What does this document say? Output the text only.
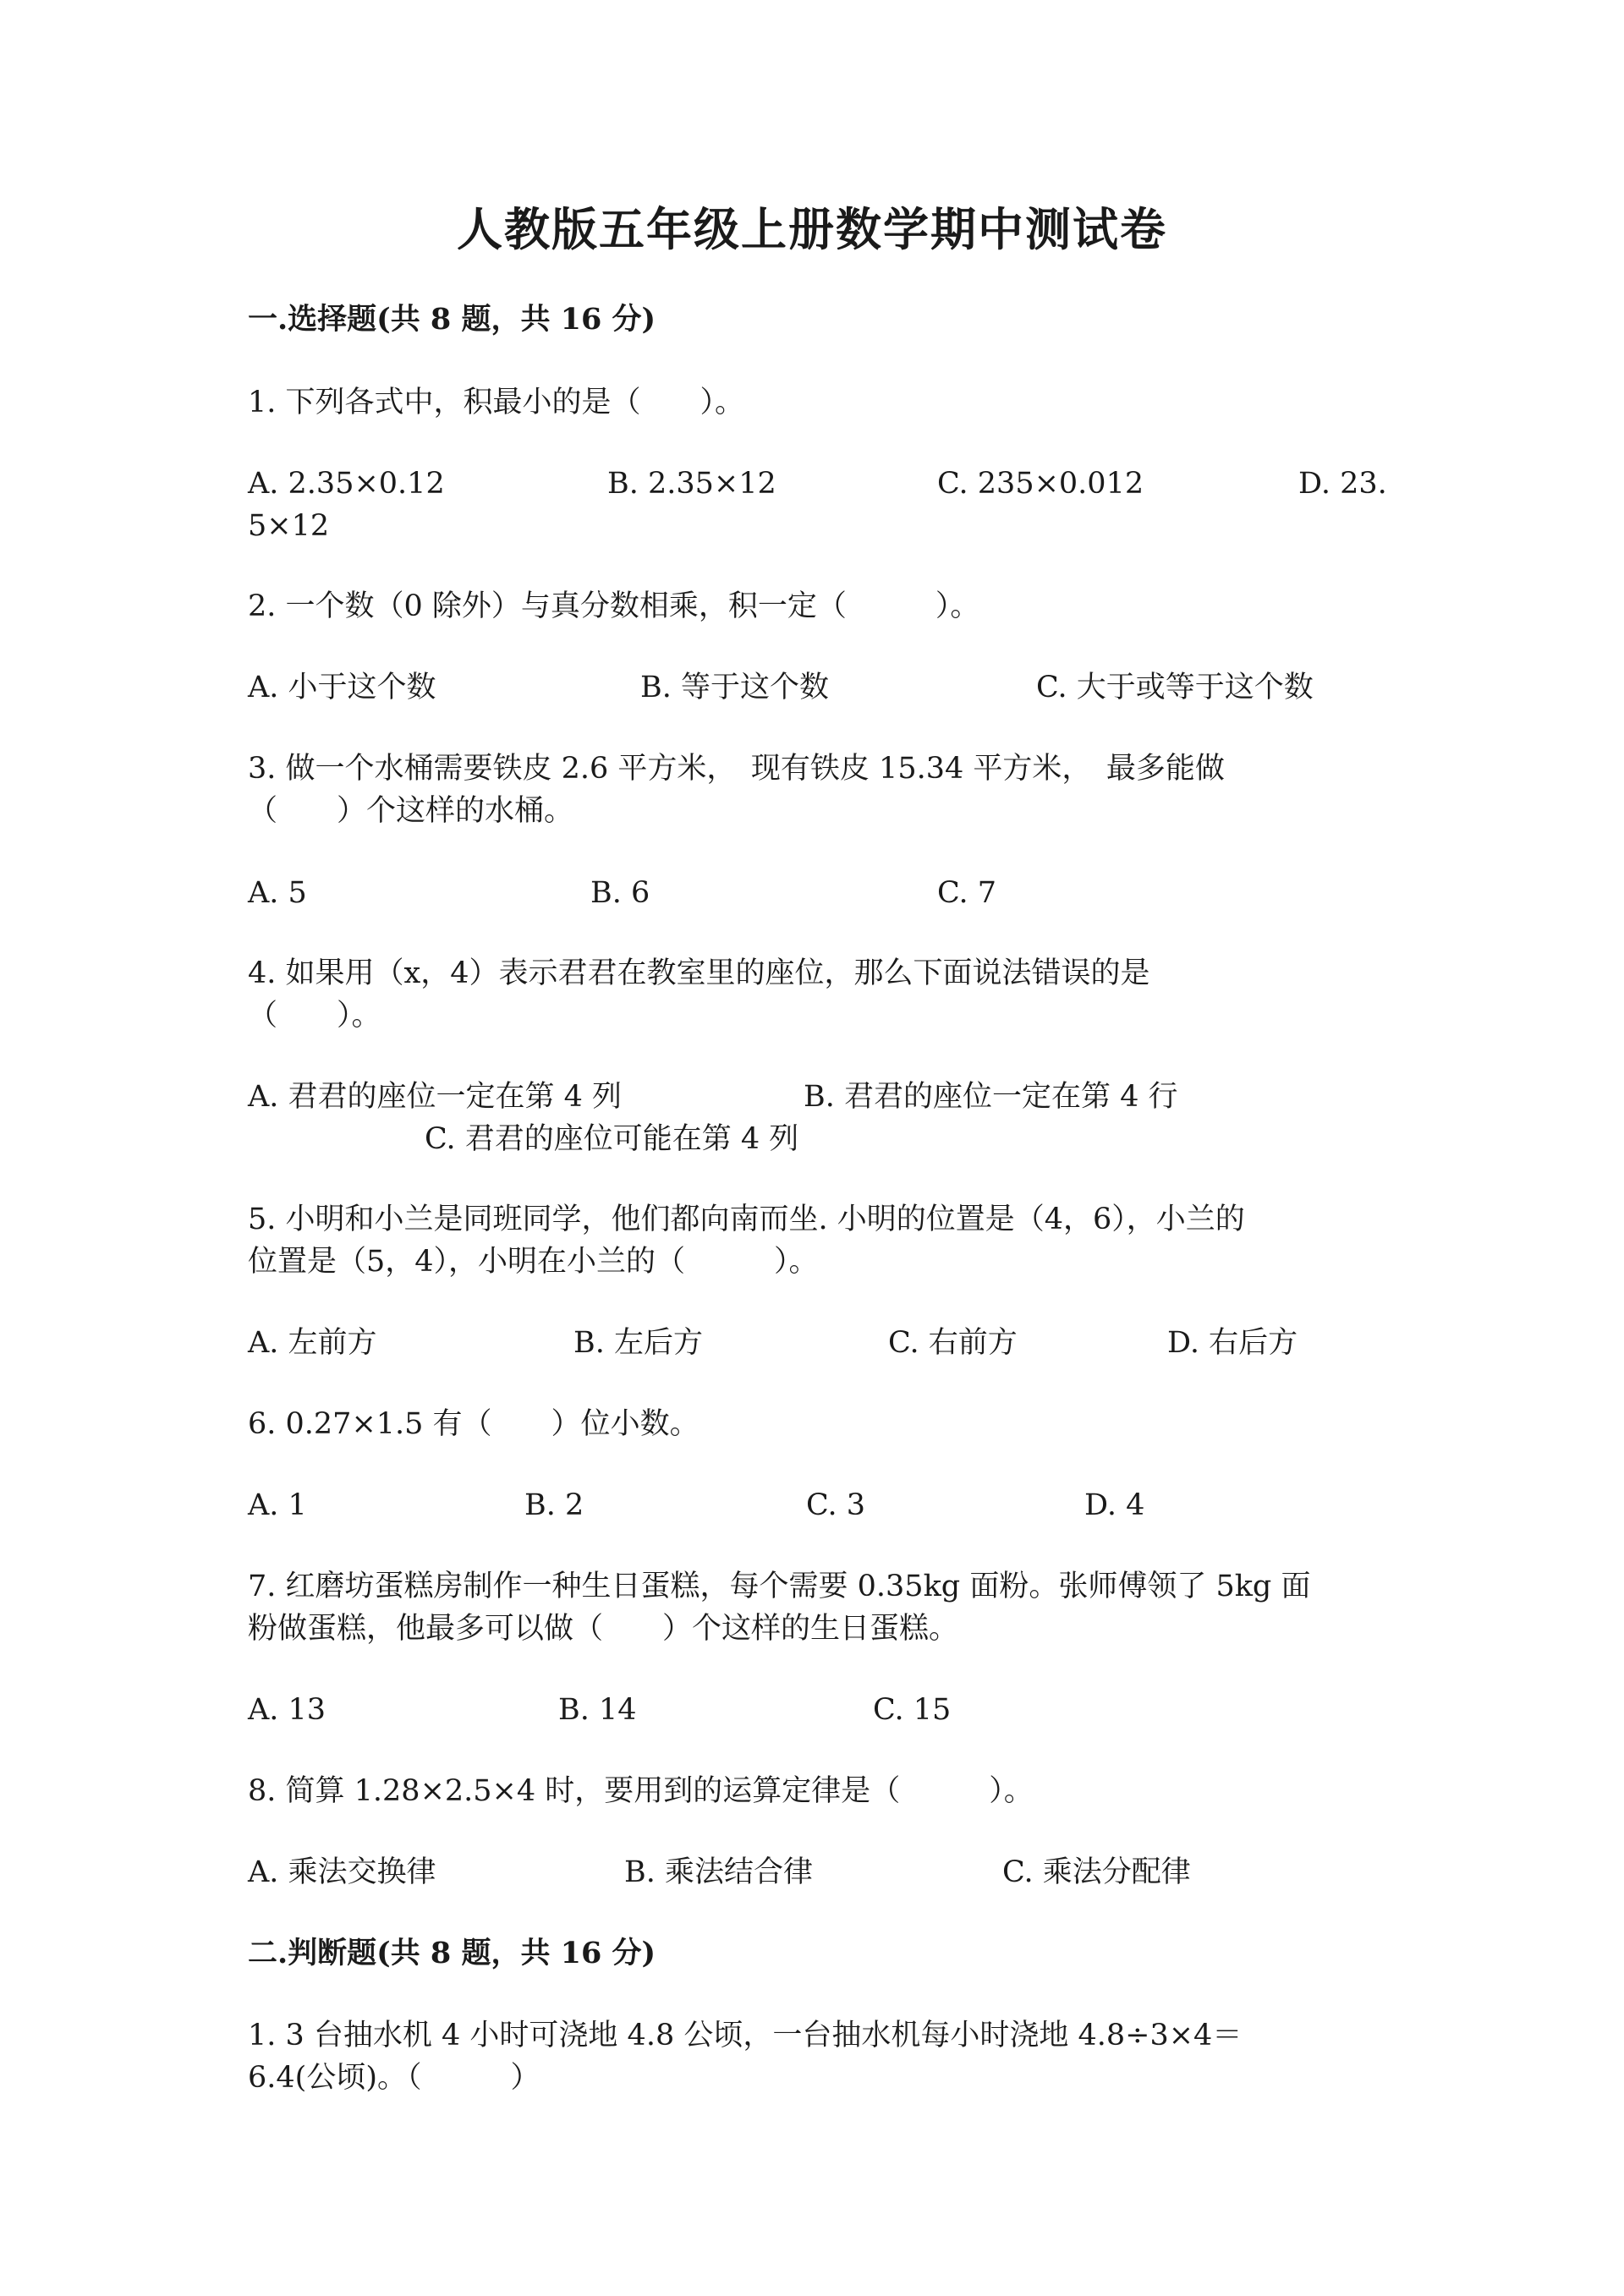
人教版五年级上册数学期中测试卷
一.选择题(共 8 题，共 16 分)
1. 下列各式中，积最小的是（　　）。
A. 2.35×0.12	B. 2.35×12	C. 235×0.012	D. 23.
5×12
2. 一个数（0 除外）与真分数相乘，积一定（　　　）。
A. 小于这个数	B. 等于这个数	C. 大于或等于这个数
3. 做一个水桶需要铁皮 2.6 平方米，　现有铁皮 15.34 平方米，　最多能做
（　　）个这样的水桶。
A. 5	B. 6	C. 7
4. 如果用（x，4）表示君君在教室里的座位，那么下面说法错误的是
（　　）。
A. 君君的座位一定在第 4 列	B. 君君的座位一定在第 4 行
C. 君君的座位可能在第 4 列
5. 小明和小兰是同班同学，他们都向南而坐. 小明的位置是（4，6），小兰的
位置是（5，4），小明在小兰的（　　　）。
A. 左前方	B. 左后方	C. 右前方	D. 右后方
6. 0.27×1.5 有（　　）位小数。
A. 1	B. 2	C. 3	D. 4
7. 红磨坊蛋糕房制作一种生日蛋糕，每个需要 0.35kg 面粉。张师傅领了 5kg 面
粉做蛋糕，他最多可以做（　　）个这样的生日蛋糕。
A. 13	B. 14	C. 15
8. 简算 1.28×2.5×4 时，要用到的运算定律是（　　　）。
A. 乘法交换律	B. 乘法结合律	C. 乘法分配律
二.判断题(共 8 题，共 16 分)
1. 3 台抽水机 4 小时可浇地 4.8 公顷，一台抽水机每小时浇地 4.8÷3×4＝
6.4(公顷)。（　　　）
